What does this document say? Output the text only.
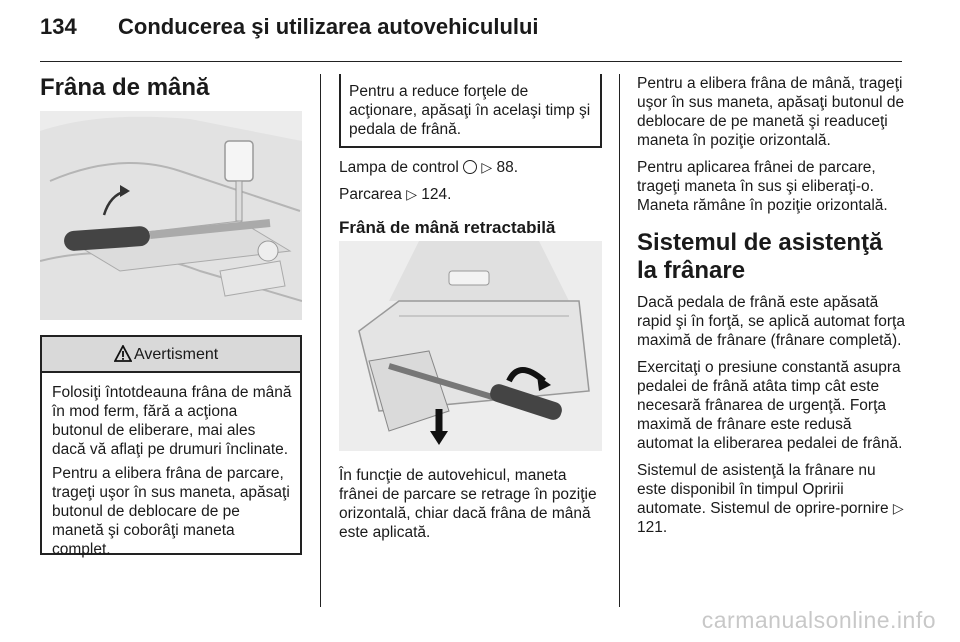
134 Conducerea şi utilizarea autovehiculului
Frâna de mână
Avertisment

Folosiţi întotdeauna frâna de mână în mod ferm, fără a acţiona butonul de eliberare, mai ales dacă vă aflaţi pe drumuri înclinate.

Pentru a elibera frâna de parcare, trageţi uşor în sus maneta, apăsaţi butonul de deblocare de pe manetă şi coborâţi maneta complet.

Pentru a reduce forţele de acţionare, apăsaţi în acelaşi timp şi pedala de frână.

Lampa de control  ▷ 88.

Parcarea ▷ 124.

Frână de mână retractabilă

În funcţie de autovehicul, maneta frânei de parcare se retrage în poziţie orizontală, chiar dacă frâna de mână este aplicată.

Pentru a elibera frâna de mână, trageţi uşor în sus maneta, apăsaţi butonul de deblocare de pe manetă şi readuceţi maneta în poziţie orizontală.

Pentru aplicarea frânei de parcare, trageţi maneta în sus şi eliberaţi-o. Maneta rămâne în poziţie orizontală.

Sistemul de asistenţă la frânare

Dacă pedala de frână este apăsată rapid şi în forţă, se aplică automat forţa maximă de frânare (frânare completă).

Exercitaţi o presiune constantă asupra pedalei de frână atâta timp cât este necesară frânarea de urgenţă. Forţa maximă de frânare este redusă automat la eliberarea pedalei de frână.

Sistemul de asistenţă la frânare nu este disponibil în timpul Opririi automate. Sistemul de oprire-pornire ▷ 121.

carmanualsonline.info
